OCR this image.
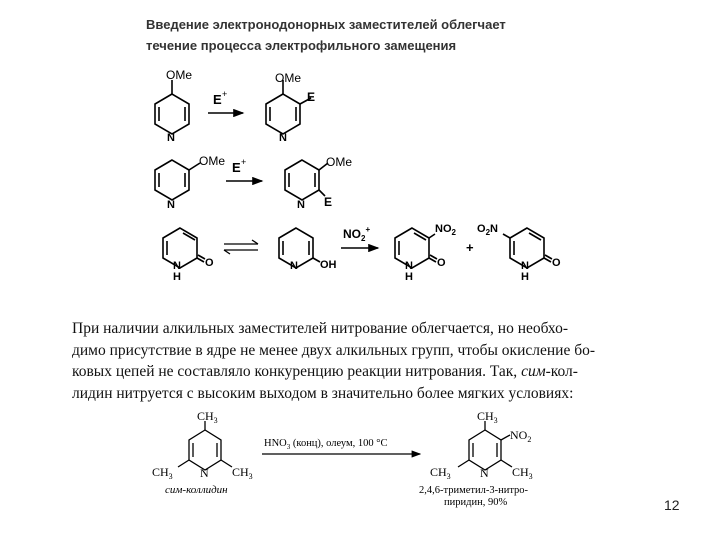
Введение электронодонорных заместителей облегчает
течение процесса электрофильного замещения
OMe
N
E +
OMe
E
N
OMe
N
E +	OMe
E
N
N
H
O	N OH
$NO_2^+$	$NO_2$
N
H
O
+
$O_2N$
N
H
O
$CH_3$
$CH_3$	$CH_3$
N
сим-коллидин
$HNO_3$ (конц), олеум, 100 °С
$CH_3$
$NO_2$
$CH_3$	$CH_3$
N
2,4,6-триметил-3-нитро-
пиридин, 90%

При наличии алкильных заместителей нитрование облегчается, но необхо-

димо присутствие в ядре не менее двух алкильных групп, чтобы окисление бо-

ковых цепей не составляло конкуренцию реакции нитрования. Так, сим-кол-

лидин нитруется с высоким выходом в значительно более мягких условиях:

12
